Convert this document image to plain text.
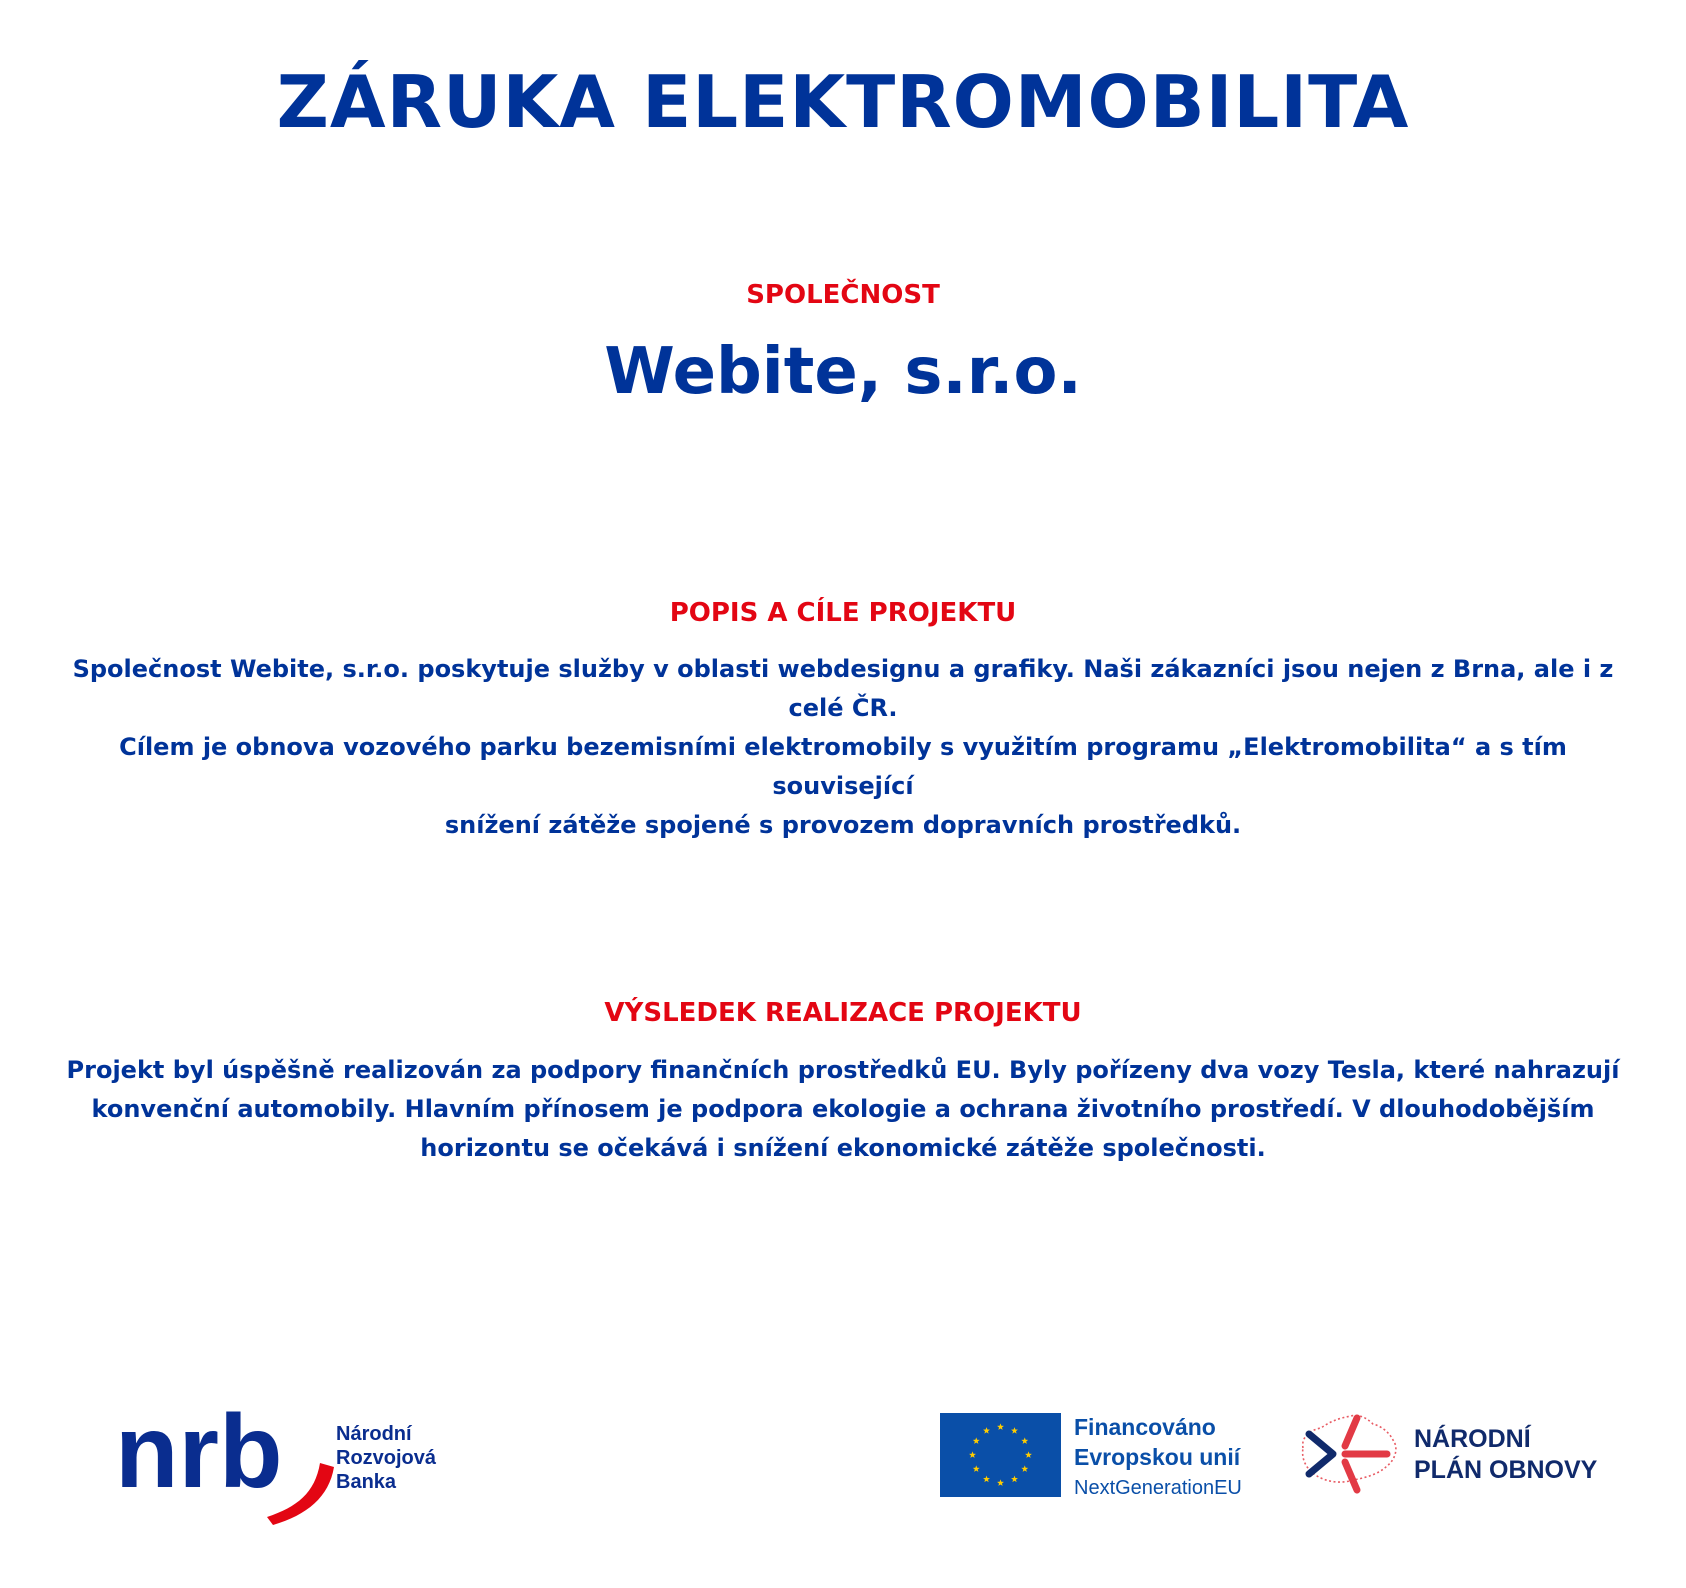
ZÁRUKA ELEKTROMOBILITA
SPOLEČNOST
Webite, s.r.o.
POPIS A CÍLE PROJEKTU

Společnost Webite, s.r.o. poskytuje služby v oblasti webdesignu a grafiky. Naši zákazníci jsou nejen z Brna, ale i z celé ČR.

Cílem je obnova vozového parku bezemisními elektromobily s využitím programu „Elektromobilita“ a s tím související

snížení zátěže spojené s provozem dopravních prostředků.

VÝSLEDEK REALIZACE PROJEKTU

Projekt byl úspěšně realizován za podpory finančních prostředků EU. Byly pořízeny dva vozy Tesla, které nahrazují

konvenční automobily. Hlavním přínosem je podpora ekologie a ochrana životního prostředí. V dlouhodobějším

horizontu se očekává i snížení ekonomické zátěže společnosti.

nrb	Národní
Rozvojová
Banka
Financováno
Evropskou unií
NextGenerationEU
NÁRODNÍ
PLÁN OBNOVY
